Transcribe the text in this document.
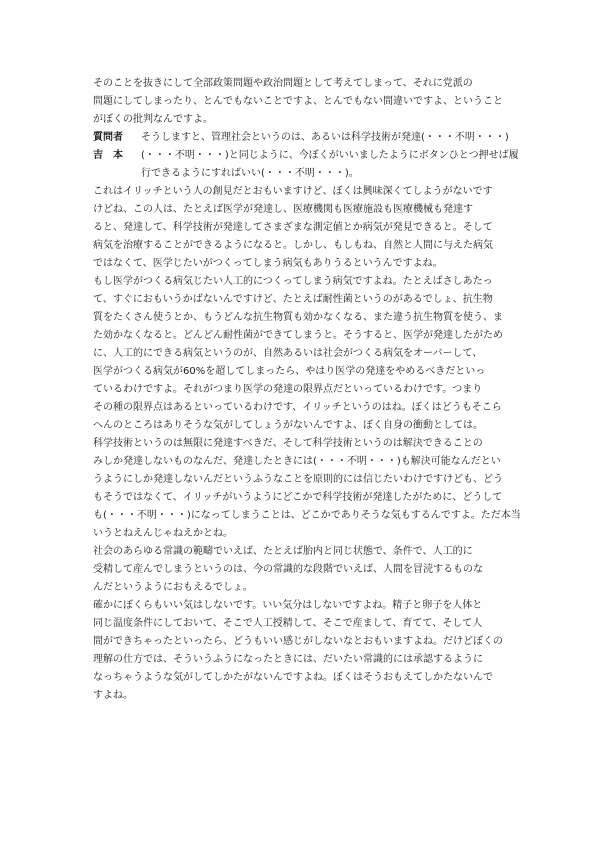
そのことを抜きにして全部政策問題や政治問題として考えてしまって、それに党派の
問題にしてしまったり、とんでもないことですよ、とんでもない間違いですよ、ということ
がぼくの批判なんですよ。
質問者 そうしますと、管理社会というのは、あるいは科学技術が発達(・・・不明・・・)
吉　本 (・・・不明・・・)と同じように、今ぼくがいいましたようにボタンひとつ押せば履
行できるようにすればいい(・・・不明・・・)。
これはイリッチという人の創見だとおもいますけど、ぼくは興味深くてしようがないです
けどね、この人は、たとえば医学が発達し、医療機関も医療施設も医療機械も発達す
ると、発達して、科学技術が発達してさまざまな測定値とか病気が発見できると。そして
病気を治療することができるようになると。しかし、もしもね、自然と人間に与えた病気
ではなくて、医学じたいがつくってしまう病気もありうるというんですよね。
もし医学がつくる病気じたい人工的につくってしまう病気ですよね。たとえばさしあたっ
て、すぐにおもいうかばないんですけど、たとえば耐性菌というのがあるでしょ、抗生物
質をたくさん使うとか、もうどんな抗生物質も効かなくなる、また違う抗生物質を使う、ま
た効かなくなると。どんどん耐性菌ができてしまうと。そうすると、医学が発達したがため
に、人工的にできる病気というのが、自然あるいは社会がつくる病気をオーバーして、
医学がつくる病気が60%を超してしまったら、やはり医学の発達をやめるべきだといっ
ているわけですよ。それがつまり医学の発達の限界点だといっているわけです。つまり
その種の限界点はあるといっているわけです、イリッチというのはね。ぼくはどうもそこら
へんのところはありそうな気がしてしょうがないんですよ、ぼく自身の衝動としては。
科学技術というのは無限に発達すべきだ、そして科学技術というのは解決できることの
みしか発達しないものなんだ、発達したときには(・・・不明・・・)も解決可能なんだとい
うようにしか発達しないんだというふうなことを原則的には信じたいわけですけども、どう
もそうではなくて、イリッチがいうようにどこかで科学技術が発達したがために、どうして
も(・・・不明・・・)になってしまうことは、どこかでありそうな気もするんですよ。ただ本当
いうとねえんじゃねえかとね。
社会のあらゆる常識の範疇でいえば、たとえば胎内と同じ状態で、条件で、人工的に
受精して産んでしまうというのは、今の常識的な段階でいえば、人間を冒涜するものな
んだというようにおもえるでしょ。
確かにぼくらもいい気はしないです。いい気分はしないですよね。精子と卵子を人体と
同じ温度条件にしておいて、そこで人工授精して、そこで産まして、育てて、そして人
間ができちゃったといったら、どうもいい感じがしないなとおもいますよね。だけどぼくの
理解の仕方では、そういうふうになったときには、だいたい常識的には承認するように
なっちゃうような気がしてしかたがないんですよね。ぼくはそうおもえてしかたないんで
すよね。
